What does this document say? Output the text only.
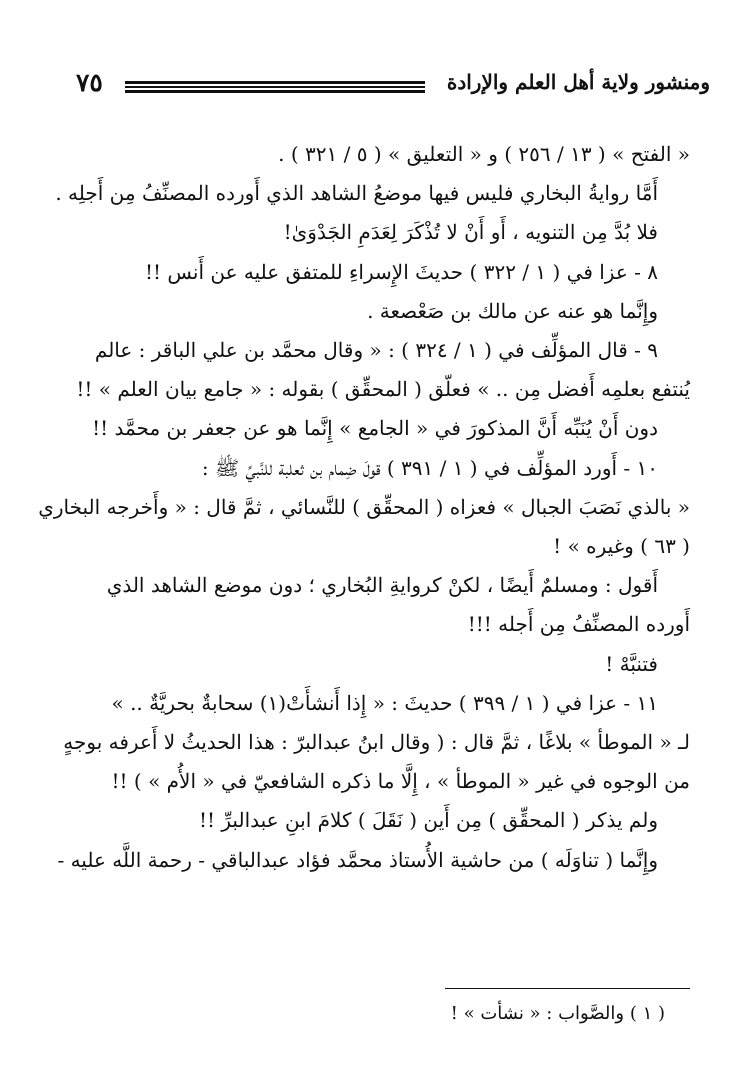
٧٥	ومنشور ولاية أهل العلم والإرادة

« الفتح » ( ١٣ / ٢٥٦ ) و « التعليق » ( ٥ / ٣٢١ ) .

أَمَّا روايةُ البخاري فليس فيها موضعُ الشاهد الذي أَورده المصنِّفُ مِن أَجلِه .

فلا بُدَّ مِن التنويه ، أَو أَنْ لا تُذْكَرَ لِعَدَمِ الجَدْوَىٰ!

٨ - عزا في ( ١ / ٣٢٢ ) حديثَ الإِسراءِ للمتفق عليه عن أَنس !!

وإِنَّما هو عنه عن مالك بن صَعْصعة .

٩ - قال المؤلِّف في ( ١ / ٣٢٤ ) : « وقال محمَّد بن علي الباقر : عالم

يُنتفع بعلمِه أَفضل مِن .. » فعلّق ( المحقِّق ) بقوله : « جامع بيان العلم » !!

دون أَنْ يُنَبِّه أَنَّ المذكورَ في « الجامع » إِنَّما هو عن جعفر بن محمَّد !!

١٠ - أَورد المؤلِّف في ( ١ / ٣٩١ ) قولَ ضِمام بن ثعلبة للنَّبيِّ ﷺ :

« بالذي نَصَبَ الجبال » فعزاه ( المحقِّق ) للنَّسائي ، ثمَّ قال : « وأَخرجه البخاري

( ٦٣ ) وغيره » !

أَقول : ومسلمٌ أَيضًا ، لكنْ كروايةِ البُخاري ؛ دون موضع الشاهد الذي

أَورده المصنِّفُ مِن أَجله !!!

فتنبَّهْ !

١١ - عزا في ( ١ / ٣٩٩ ) حديثَ : « إِذا أَنشأَتْ(١) سحابةٌ بحريَّةٌ .. »

لـ « الموطأ » بلاغًا ، ثمَّ قال : ( وقال ابنُ عبدالبرّ : هذا الحديثُ لا أَعرفه بوجهٍ

من الوجوه في غير « الموطأ » ، إِلَّا ما ذكره الشافعيّ في « الأُم » ) !!

ولم يذكر ( المحقِّق ) مِن أَين ( نَقَلَ ) كلامَ ابنِ عبدالبرِّ !!

وإِنَّما ( تناوَلَه ) من حاشية الأُستاذ محمَّد فؤاد عبدالباقي - رحمة اللَّه عليه -

( ١ ) والصَّواب : « نشأت » !
